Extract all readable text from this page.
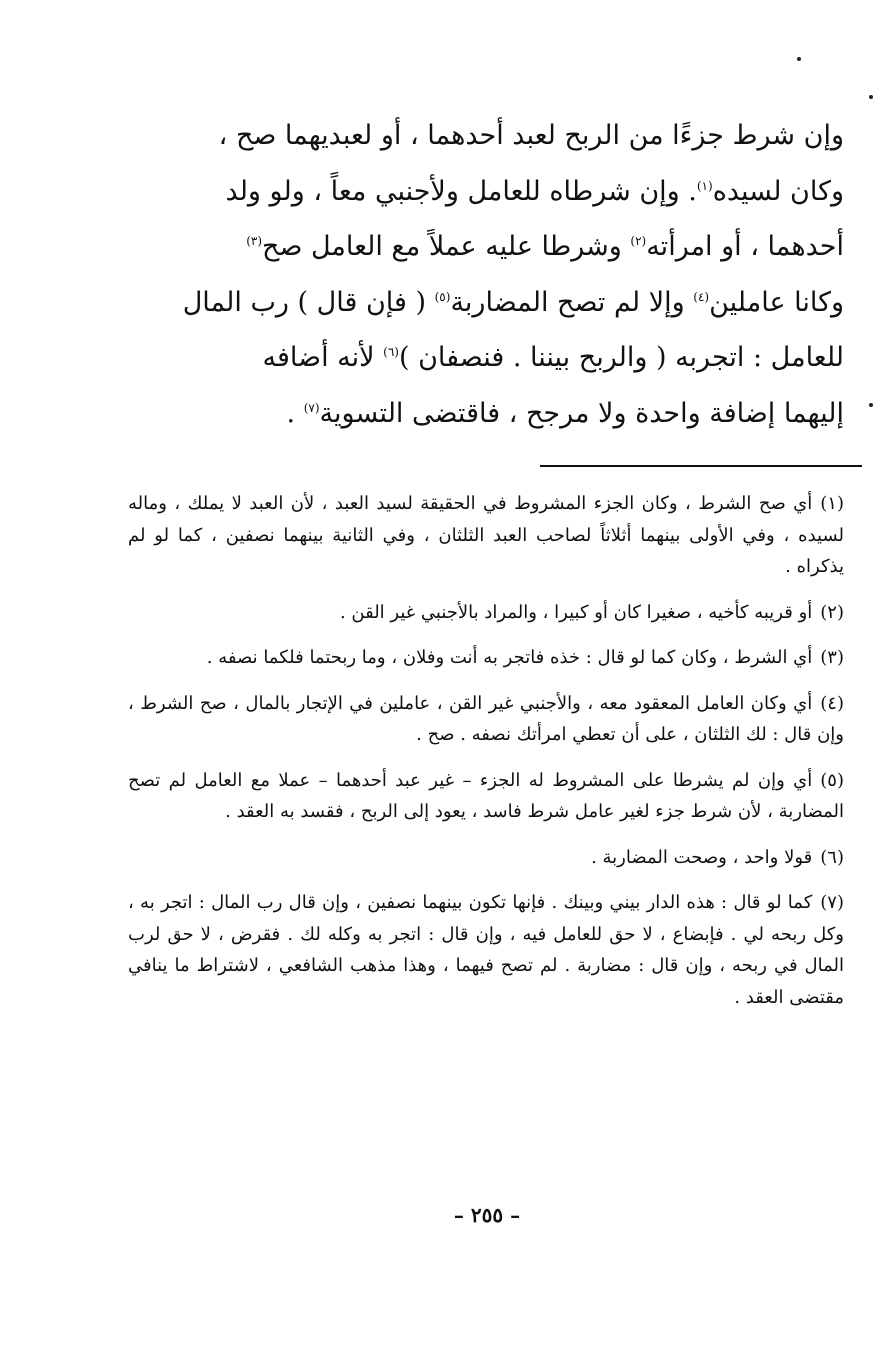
وإن شرط جزءًا من الربح لعبد أحدهما ، أو لعبديهما صح ،
وكان لسيده$^{(١)}$. وإن شرطاه للعامل ولأجنبي معاً ، ولو ولد
أحدهما ، أو امرأته$^{(٢)}$ وشرطا عليه عملاً مع العامل صح$^{(٣)}$
وكانا عاملين$^{(٤)}$ وإلا لم تصح المضاربة$^{(٥)}$ ( فإن قال ) رب المال
للعامل : اتجربه ( والربح بيننا . فنصفان )$^{(٦)}$ لأنه أضافه
إليهما إضافة واحدة ولا مرجح ، فاقتضى التسوية$^{(٧)}$ .

(١)أي صح الشرط ، وكان الجزء المشروط في الحقيقة لسيد العبد ، لأن العبد لا يملك ، وماله لسيده ، وفي الأولى بينهما أثلاثاً لصاحب العبد الثلثان ، وفي الثانية بينهما نصفين ، كما لو لم يذكراه .

(٢)أو قريبه كأخيه ، صغيرا كان أو كبيرا ، والمراد بالأجنبي غير القن .

(٣)أي الشرط ، وكان كما لو قال : خذه فاتجر به أنت وفلان ، وما ربحتما فلكما نصفه .

(٤)أي وكان العامل المعقود معه ، والأجنبي غير القن ، عاملين في الإتجار بالمال ، صح الشرط ، وإن قال : لك الثلثان ، على أن تعطي امرأتك نصفه . صح .

(٥)أي وإن لم يشرطا على المشروط له الجزء – غير عبد أحدهما – عملا مع العامل لم تصح المضاربة ، لأن شرط جزء لغير عامل شرط فاسد ، يعود إلى الربح ، فقسد به العقد .

(٦)قولا واحد ، وصحت المضاربة .

(٧)كما لو قال : هذه الدار بيني وبينك . فإنها تكون بينهما نصفين ، وإن قال رب المال : اتجر به ، وكل ربحه لي . فإبضاع ، لا حق للعامل فيه ، وإن قال : اتجر به وكله لك . فقرض ، لا حق لرب المال في ربحه ، وإن قال : مضاربة . لم تصح فيهما ، وهذا مذهب الشافعي ، لاشتراط ما ينافي مقتضى العقد .

– ٢٥٥ –
